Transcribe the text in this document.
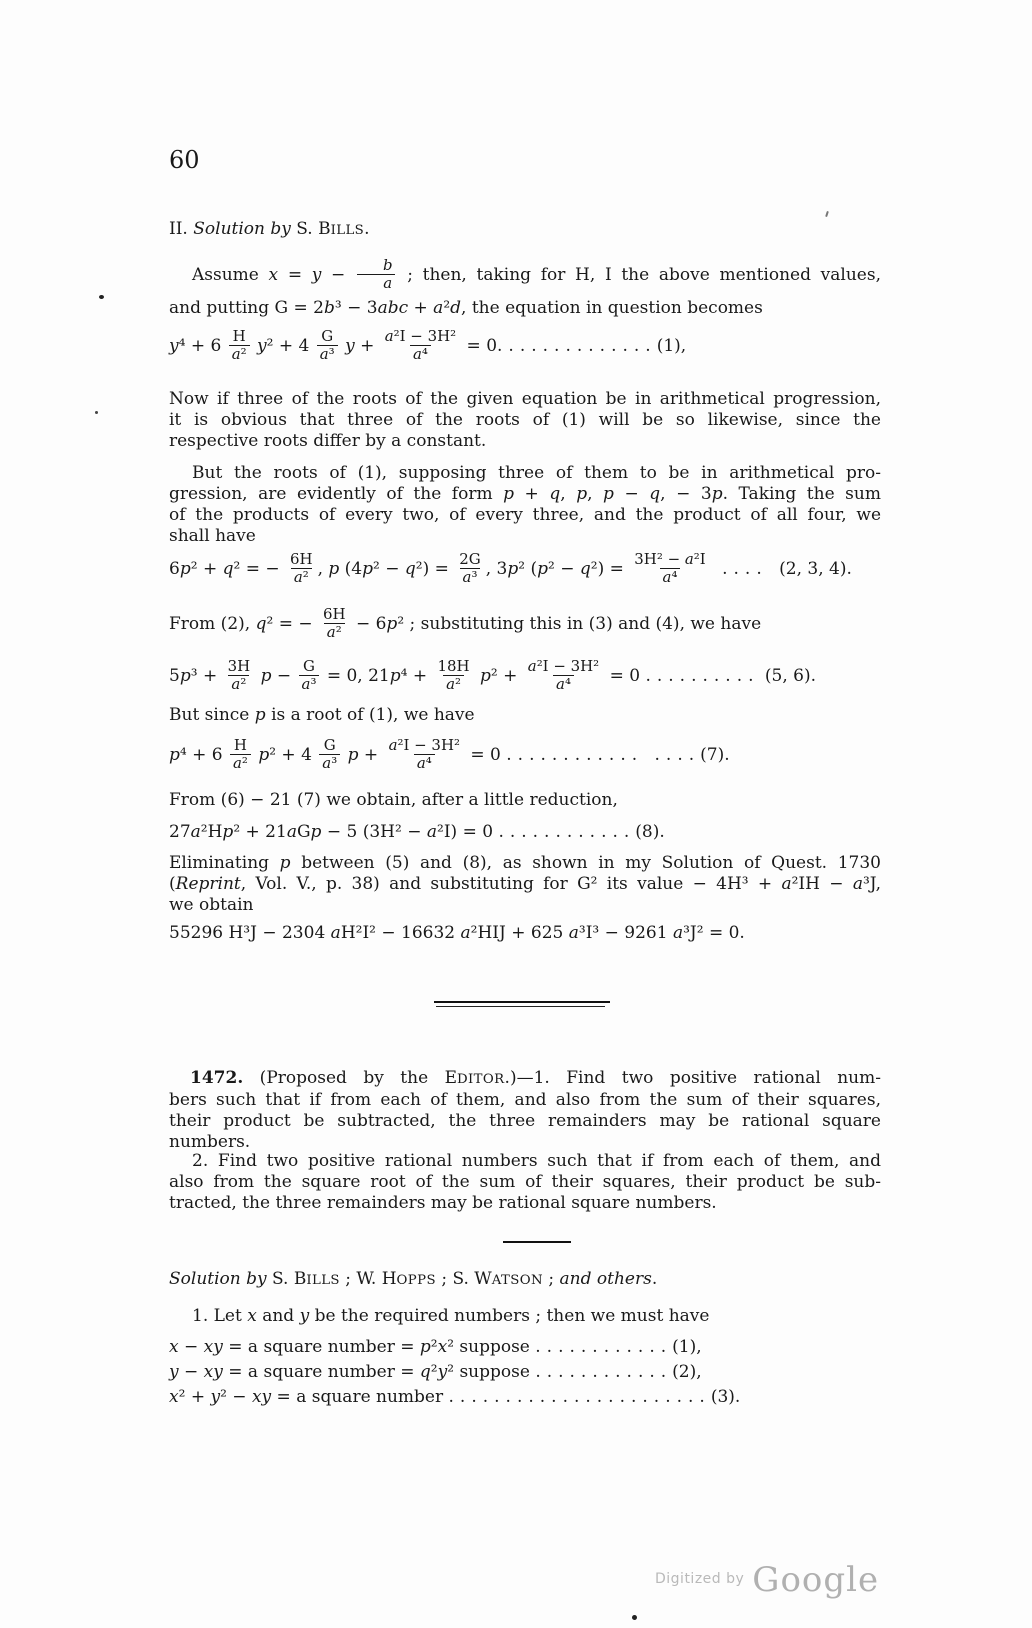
60
II. Solution by S. BILLS.
Assume $x = y - \frac{b}{a}$ ; then, taking for H, I the above mentioned values,
and putting G = 2b³ − 3abc + a²d, the equation in question becomes
$y^4 + 6 \frac{H}{\text{a²}} y^2 + 4 \frac{G}{\text{a³}}$ $y + \frac{\text{a²I − 3H²}}{\text{a⁴}} = 0..............(1)$,
Now if three of the roots of the given equation be in arithmetical progression,
it is obvious that three of the roots of (1) will be so likewise, since the
respective roots differ by a constant.
But the roots of (1), supposing three of them to be in arithmetical pro-
gression, are evidently of the form p + q, p, p − q, − 3p. Taking the sum
of the products of every two, of every three, and the product of all four, we
shall have
6p² + q² = − $\frac{6H}{\text{a²}}$ , p $(4p^2 - q^2) = \frac{2G}{\text{a³}}$ , 3p² $(p^2 - q^2) = \frac{\text{3H² − a²I}}{\text{a⁴}}$ .... (2, 3, 4).
From (2), q² = − $\frac{6H}{\text{a²}} - 6p^2$ ; substituting this in (3) and (4), we have
$5p^3 + \frac{3H}{\text{a²}}$ $p - \frac{G}{\text{a³}} = 0$, $21p^4 + \frac{18H}{\text{a²}} p^2 + \frac{\text{a²I − 3H²}}{\text{a⁴}} = 0$ .......... (5, 6).
But since p is a root of (1), we have
$p^4 + 6 \frac{H}{\text{a²}} p^2 + 4 \frac{G}{\text{a³}}$ $p + \frac{\text{a²I − 3H²}}{\text{a⁴}} = 0$ ............ ....(7).
From (6) − 21 (7) we obtain, after a little reduction,
27a²Hp² + 21aGp − 5 (3H² − a²I) = 0 ............(8).
Eliminating p between (5) and (8), as shown in my Solution of Quest. 1730
(Reprint, Vol. V., p. 38) and substituting for G² its value − 4H³ + a²IH − a³J,
we obtain
55296 H³J − 2304 aH²I² − 16632 a²HIJ + 625 a³I³ − 9261 a³J² = 0.
1472. (Proposed by the EDITOR.)—1. Find two positive rational num-
bers such that if from each of them, and also from the sum of their squares,
their product be subtracted, the three remainders may be rational square
numbers.
2. Find two positive rational numbers such that if from each of them, and
also from the square root of the sum of their squares, their product be sub-
tracted, the three remainders may be rational square numbers.
Solution by S. BILLS ; W. HOPPS ; S. WATSON ; and others.
1. Let x and y be the required numbers ; then we must have
x − xy = a square number = p²x² suppose ............(1),
y − xy = a square number = q²y² suppose ............(2),
x² + y² − xy = a square number .......................(3).
Digitized by Google
